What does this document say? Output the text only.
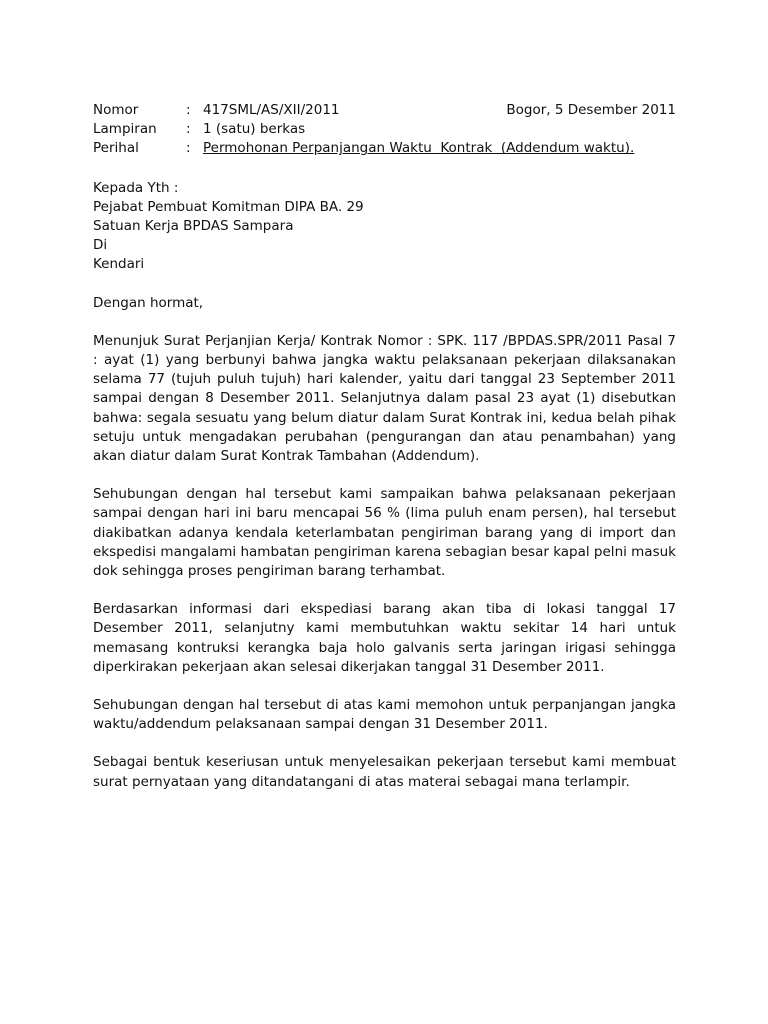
Nomor	: 417SML/AS/XII/2011	Bogor, 5 Desember 2011
Lampiran	: 1 (satu) berkas
Perihal	: Permohonan Perpanjangan Waktu  Kontrak  (Addendum waktu).
Kepada Yth :
Pejabat Pembuat Komitman DIPA BA. 29
Satuan Kerja BPDAS Sampara
Di
Kendari
Dengan hormat,

Menunjuk Surat Perjanjian Kerja/ Kontrak Nomor : SPK. 117 /BPDAS.SPR/2011 Pasal 7 : ayat (1) yang berbunyi bahwa jangka waktu pelaksanaan pekerjaan dilaksanakan selama 77 (tujuh puluh tujuh) hari kalender, yaitu dari tanggal 23 September 2011 sampai dengan 8 Desember 2011. Selanjutnya dalam pasal 23 ayat (1) disebutkan bahwa: segala sesuatu yang belum diatur dalam Surat Kontrak ini, kedua belah pihak setuju untuk mengadakan perubahan (pengurangan dan atau penambahan) yang akan diatur dalam Surat Kontrak Tambahan (Addendum).

Sehubungan dengan hal tersebut kami sampaikan bahwa pelaksanaan pekerjaan sampai dengan hari ini baru mencapai 56 % (lima puluh enam persen), hal tersebut diakibatkan adanya kendala keterlambatan pengiriman barang yang di import dan ekspedisi mangalami hambatan pengiriman karena sebagian besar kapal pelni masuk dok sehingga proses pengiriman barang terhambat.

Berdasarkan informasi dari ekspediasi barang akan tiba di lokasi tanggal 17 Desember 2011, selanjutny kami membutuhkan waktu sekitar 14 hari untuk memasang kontruksi kerangka baja holo galvanis serta jaringan irigasi sehingga diperkirakan pekerjaan akan selesai dikerjakan tanggal 31 Desember 2011.

Sehubungan dengan hal tersebut di atas kami memohon untuk perpanjangan jangka waktu/addendum pelaksanaan sampai dengan 31 Desember 2011.

Sebagai bentuk keseriusan untuk menyelesaikan pekerjaan tersebut kami membuat surat pernyataan yang ditandatangani di atas materai sebagai mana terlampir.
